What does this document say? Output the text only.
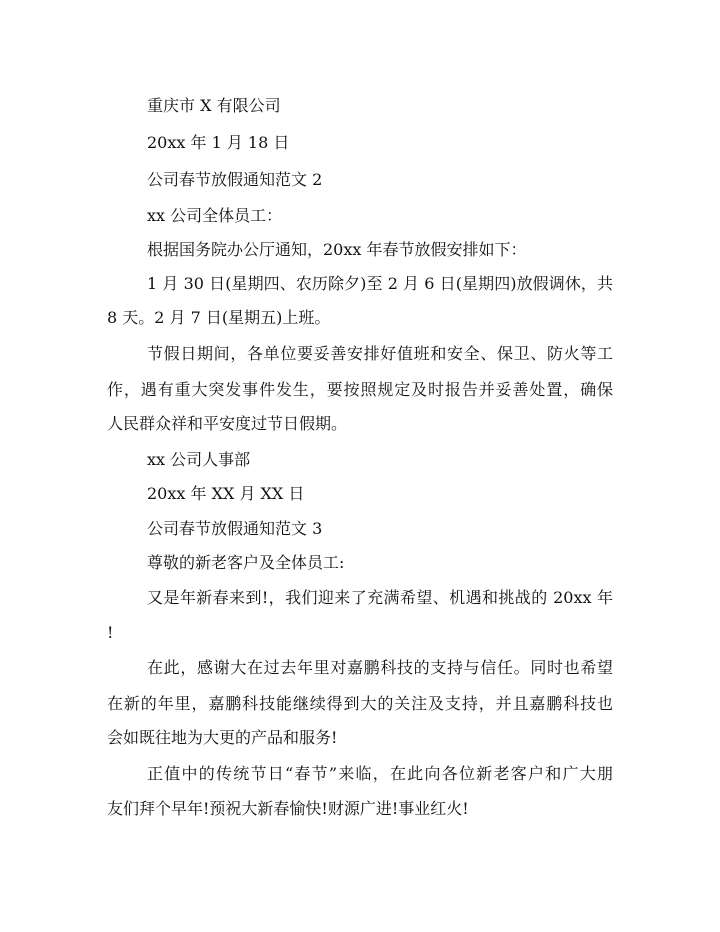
重庆市 X 有限公司
20xx 年 1 月 18 日
公司春节放假通知范文 2
xx 公司全体员工：
根据国务院办公厅通知，20xx 年春节放假安排如下：
1 月 30 日(星期四、农历除夕)至 2 月 6 日(星期四)放假调休，共
8 天。2 月 7 日(星期五)上班。
节假日期间，各单位要妥善安排好值班和安全、保卫、防火等工
作，遇有重大突发事件发生，要按照规定及时报告并妥善处置，确保
人民群众祥和平安度过节日假期。
xx 公司人事部
20xx 年 XX 月 XX 日
公司春节放假通知范文 3
尊敬的新老客户及全体员工:
又是年新春来到!，我们迎来了充满希望、机遇和挑战的 20xx 年
!
在此，感谢大在过去年里对嘉鹏科技的支持与信任。同时也希望
在新的年里，嘉鹏科技能继续得到大的关注及支持，并且嘉鹏科技也
会如既往地为大更的产品和服务!
正值中的传统节日“春节”来临，在此向各位新老客户和广大朋
友们拜个早年!预祝大新春愉快!财源广进!事业红火!
